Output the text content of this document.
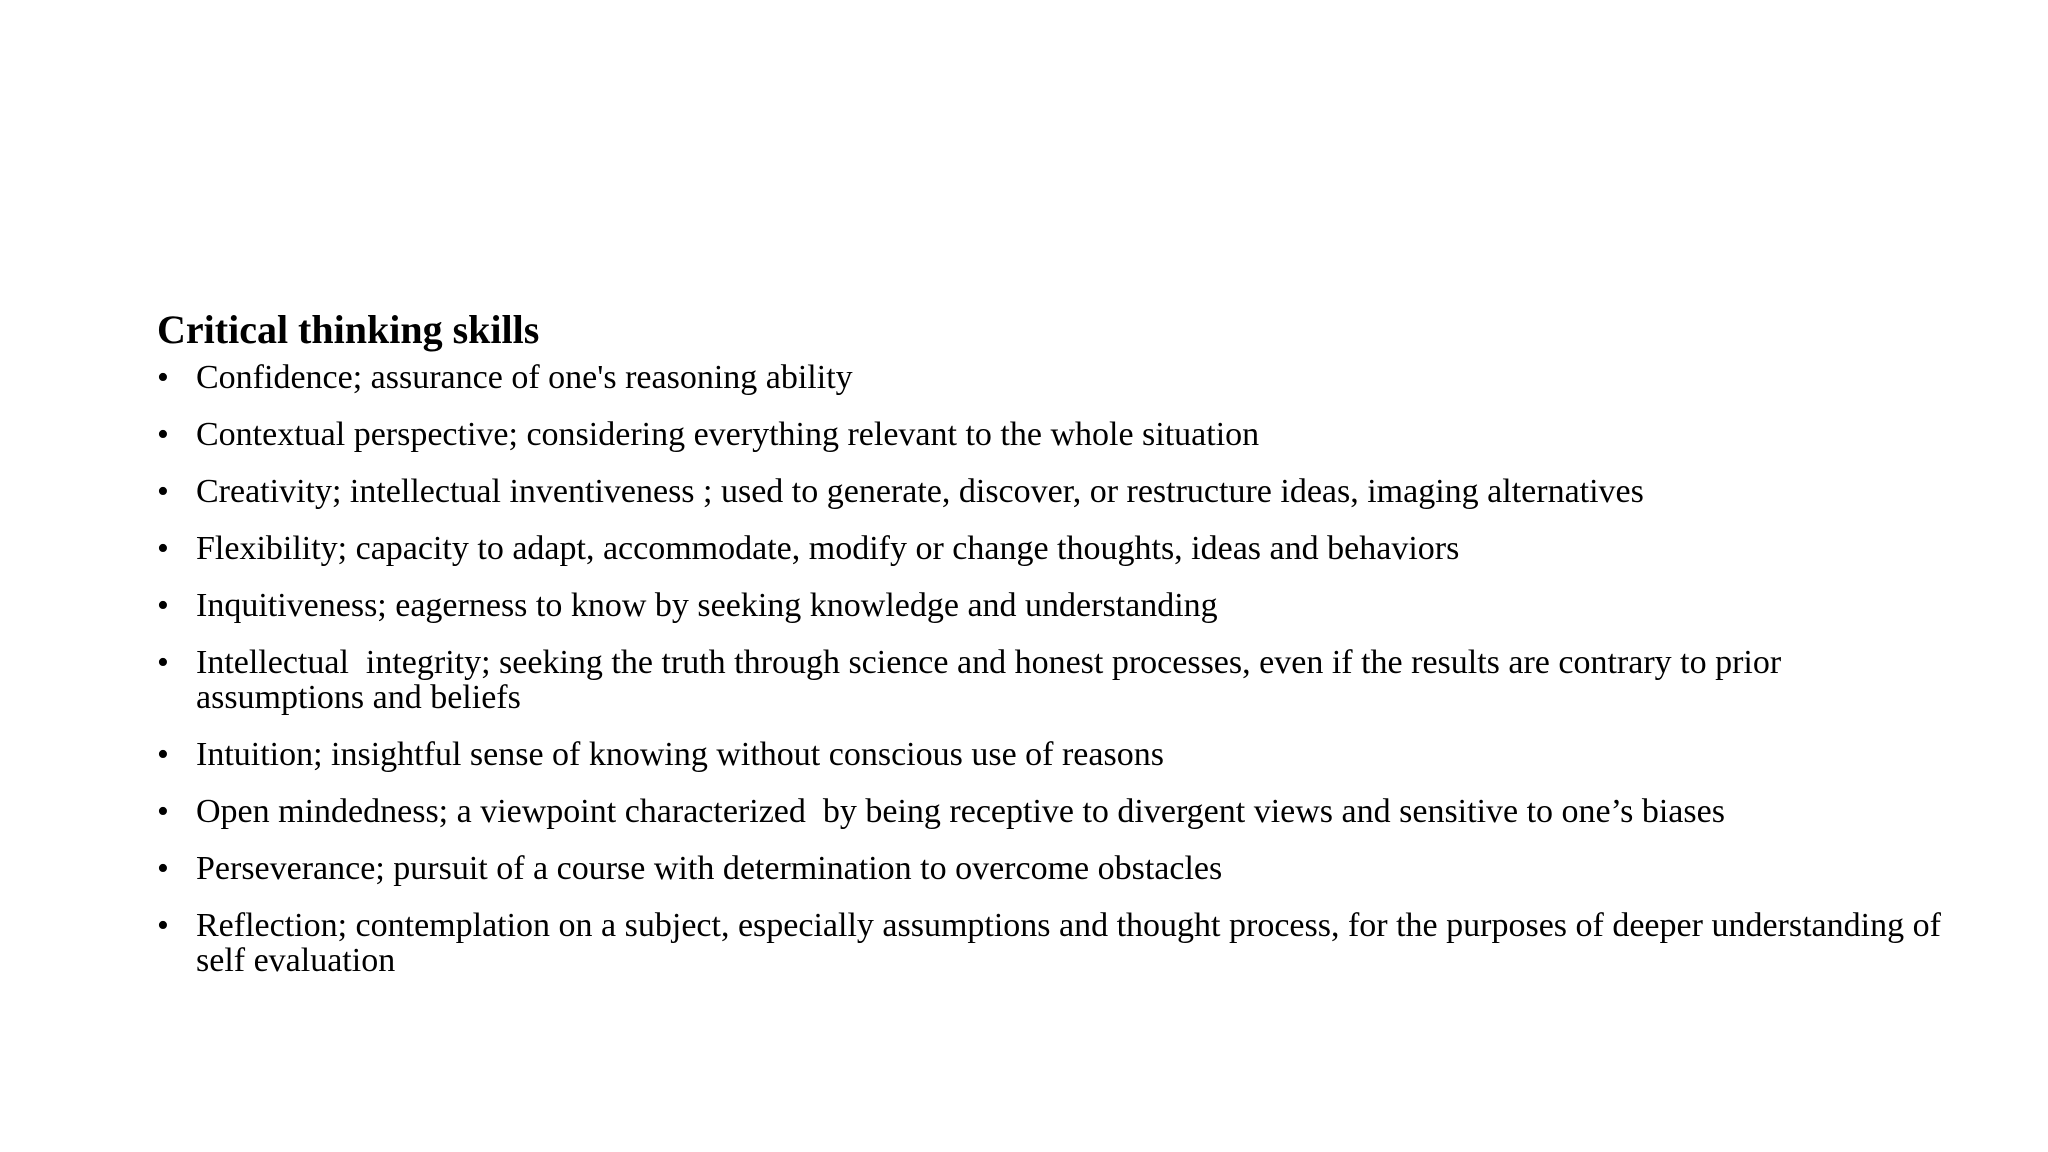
Critical thinking skills
• Confidence; assurance of one's reasoning ability
• Contextual perspective; considering everything relevant to the whole situation
• Creativity; intellectual inventiveness ; used to generate, discover, or restructure ideas, imaging alternatives
• Flexibility; capacity to adapt, accommodate, modify or change thoughts, ideas and behaviors
• Inquitiveness; eagerness to know by seeking knowledge and understanding
• Intellectual  integrity; seeking the truth through science and honest processes, even if the results are contrary to prior assumptions and beliefs
• Intuition; insightful sense of knowing without conscious use of reasons
• Open mindedness; a viewpoint characterized  by being receptive to divergent views and sensitive to one’s biases
• Perseverance; pursuit of a course with determination to overcome obstacles
• Reflection; contemplation on a subject, especially assumptions and thought process, for the purposes of deeper understanding of self evaluation
